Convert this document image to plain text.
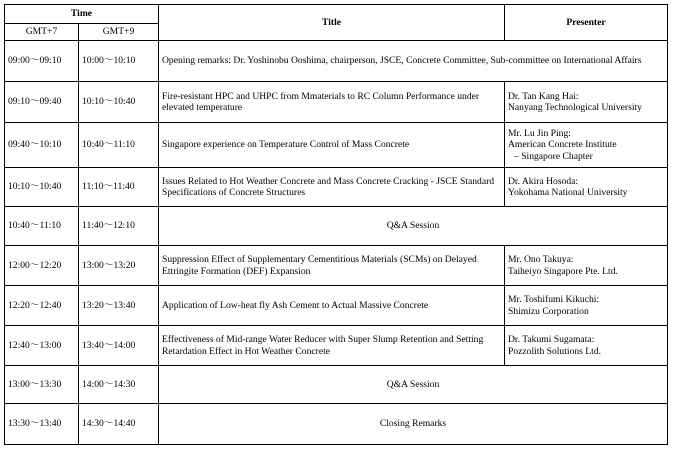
Time		Title	Presenter
GMT+7	GMT+9		
09:00～09:10	10:00～10:10	Opening remarks: Dr. Yoshinobu Ooshima, chairperson, JSCE, Concrete Committee, Sub-committee on International Affairs	
09:10～09:40	10:10～10:40	Fire-resistant HPC and UHPC from Mmaterials to RC Column Performance under elevated temperature	Dr. Tan Kang Hai:
Nanyang Technological University

09:40～10:10	10:40～11:10	Singapore experience on Temperature Control of Mass Concrete	Mr. Lu Jin Ping:
American Concrete Institute
– Singapore Chapter

10:10～10:40	11:10～11:40	Issues Related to Hot Weather Concrete and Mass Concrete Cracking - JSCE Standard Specifications of Concrete Structures	Dr. Akira Hosoda:
Yokohama National University

10:40～11:10	11:40～12:10	Q&A Session	
12:00～12:20	13:00～13:20	Suppression Effect of Supplementary Cementitious Materials (SCMs) on Delayed Ettringite Formation (DEF) Expansion	Mr. Ono Takuya:
Taiheiyo Singapore Pte. Ltd.

12:20～12:40	13:20～13:40	Application of Low-heat fly Ash Cement to Actual Massive Concrete	Mr. Toshifumi Kikuchi:
Shimizu Corporation

12:40～13:00	13:40～14:00	Effectiveness of Mid-range Water Reducer with Super Slump Retention and Setting Retardation Effect in Hot Weather Concrete	Dr. Takumi Sugamata:
Pozzolith Solutions Ltd.

13:00～13:30	14:00～14:30	Q&A Session	
13:30～13:40	14:30～14:40	Closing Remarks	
